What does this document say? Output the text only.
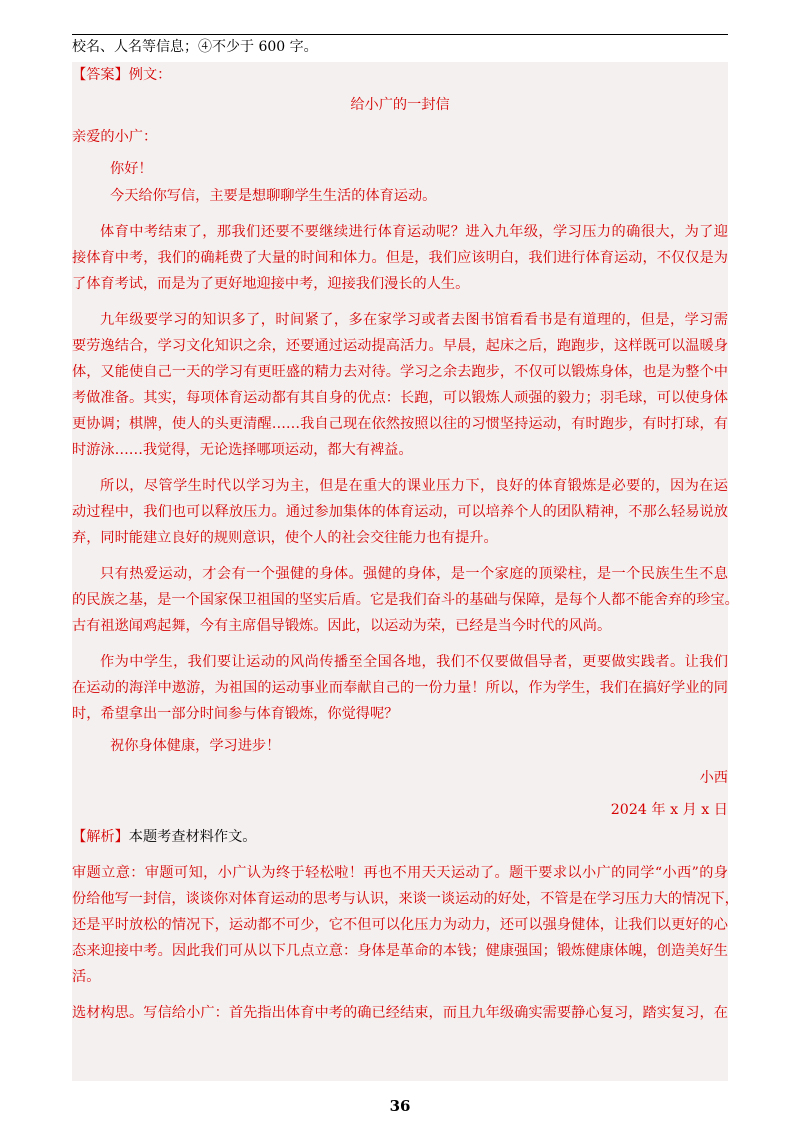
校名、人名等信息；④不少于 600 字。
【答案】例文：
给小广的一封信
亲爱的小广：
你好！
今天给你写信，主要是想聊聊学生生活的体育运动。
体育中考结束了，那我们还要不要继续进行体育运动呢？进入九年级，学习压力的确很大，为了迎
接体育中考，我们的确耗费了大量的时间和体力。但是，我们应该明白，我们进行体育运动，不仅仅是为
了体育考试，而是为了更好地迎接中考，迎接我们漫长的人生。
九年级要学习的知识多了，时间紧了，多在家学习或者去图书馆看看书是有道理的，但是，学习需
要劳逸结合，学习文化知识之余，还要通过运动提高活力。早晨，起床之后，跑跑步，这样既可以温暖身
体，又能使自己一天的学习有更旺盛的精力去对待。学习之余去跑步，不仅可以锻炼身体，也是为整个中
考做准备。其实，每项体育运动都有其自身的优点：长跑，可以锻炼人顽强的毅力；羽毛球，可以使身体
更协调；棋牌，使人的头更清醒……我自己现在依然按照以往的习惯坚持运动，有时跑步，有时打球，有
时游泳……我觉得，无论选择哪项运动，都大有裨益。
所以，尽管学生时代以学习为主，但是在重大的课业压力下，良好的体育锻炼是必要的，因为在运
动过程中，我们也可以释放压力。通过参加集体的体育运动，可以培养个人的团队精神，不那么轻易说放
弃，同时能建立良好的规则意识，使个人的社会交往能力也有提升。
只有热爱运动，才会有一个强健的身体。强健的身体，是一个家庭的顶梁柱，是一个民族生生不息
的民族之基，是一个国家保卫祖国的坚实后盾。它是我们奋斗的基础与保障，是每个人都不能舍弃的珍宝。
古有祖逖闻鸡起舞，今有主席倡导锻炼。因此，以运动为荣，已经是当今时代的风尚。
作为中学生，我们要让运动的风尚传播至全国各地，我们不仅要做倡导者，更要做实践者。让我们
在运动的海洋中遨游，为祖国的运动事业而奉献自己的一份力量！所以，作为学生，我们在搞好学业的同
时，希望拿出一部分时间参与体育锻炼，你觉得呢？
祝你身体健康，学习进步！
小西
2024 年 x 月 x 日
【解析】本题考查材料作文。
审题立意：审题可知，小广认为终于轻松啦！再也不用天天运动了。题干要求以小广的同学“小西”的身
份给他写一封信，谈谈你对体育运动的思考与认识，来谈一谈运动的好处，不管是在学习压力大的情况下，
还是平时放松的情况下，运动都不可少，它不但可以化压力为动力，还可以强身健体，让我们以更好的心
态来迎接中考。因此我们可从以下几点立意：身体是革命的本钱；健康强国；锻炼健康体魄，创造美好生
活。
选材构思。写信给小广：首先指出体育中考的确已经结束，而且九年级确实需要静心复习，踏实复习，在
36
